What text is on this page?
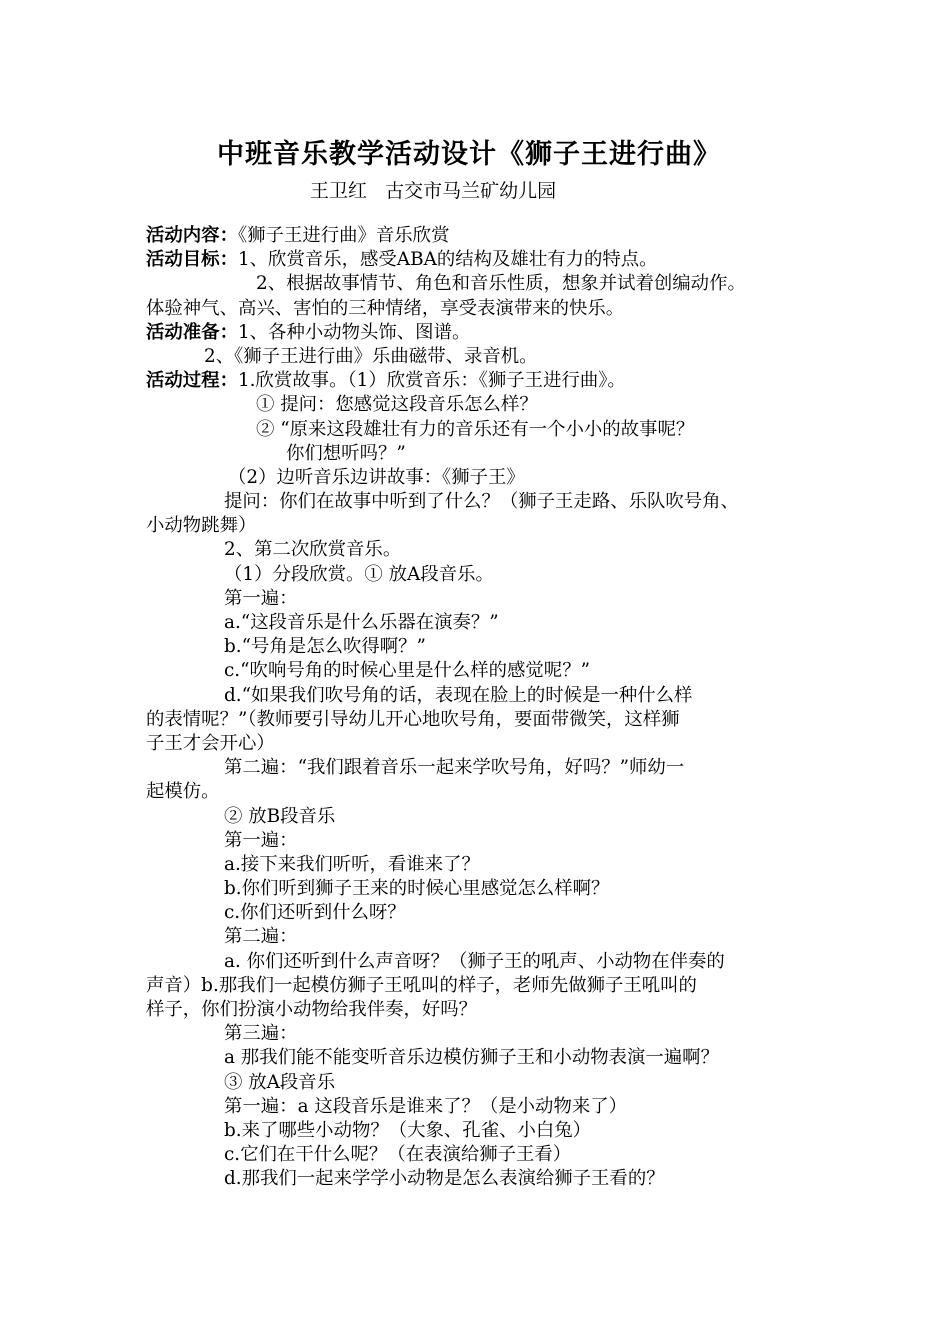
中班音乐教学活动设计《狮子王进行曲》
王卫红   古交市马兰矿幼儿园
活动内容：《狮子王进行曲》音乐欣赏
活动目标：1、欣赏音乐，感受ABA的结构及雄壮有力的特点。
2、根据故事情节、角色和音乐性质，想象并试着创编动作。
体验神气、高兴、害怕的三种情绪，享受表演带来的快乐。
活动准备：1、各种小动物头饰、图谱。
2、《狮子王进行曲》乐曲磁带、录音机。
活动过程：1.欣赏故事。（1）欣赏音乐：《狮子王进行曲》。
① 提问：您感觉这段音乐怎么样？
② “原来这段雄壮有力的音乐还有一个小小的故事呢？
你们想听吗？”
（2）边听音乐边讲故事：《狮子王》
提问：你们在故事中听到了什么？（狮子王走路、乐队吹号角、
小动物跳舞）
2、第二次欣赏音乐。
（1）分段欣赏。① 放A段音乐。
第一遍：
a.“这段音乐是什么乐器在演奏？”
b.“号角是怎么吹得啊？”
c.“吹响号角的时候心里是什么样的感觉呢？”
d.“如果我们吹号角的话，表现在脸上的时候是一种什么样
的表情呢？”（教师要引导幼儿开心地吹号角，要面带微笑，这样狮
子王才会开心）
第二遍：“我们跟着音乐一起来学吹号角，好吗？”师幼一
起模仿。
② 放B段音乐
第一遍：
a.接下来我们听听，看谁来了？
b.你们听到狮子王来的时候心里感觉怎么样啊？
c.你们还听到什么呀？
第二遍：
a. 你们还听到什么声音呀？（狮子王的吼声、小动物在伴奏的
声音）b.那我们一起模仿狮子王吼叫的样子，老师先做狮子王吼叫的
样子，你们扮演小动物给我伴奏，好吗？
第三遍：
a 那我们能不能变听音乐边模仿狮子王和小动物表演一遍啊？
③ 放A段音乐
第一遍：a 这段音乐是谁来了？（是小动物来了）
b.来了哪些小动物？（大象、孔雀、小白兔）
c.它们在干什么呢？（在表演给狮子王看）
d.那我们一起来学学小动物是怎么表演给狮子王看的？
